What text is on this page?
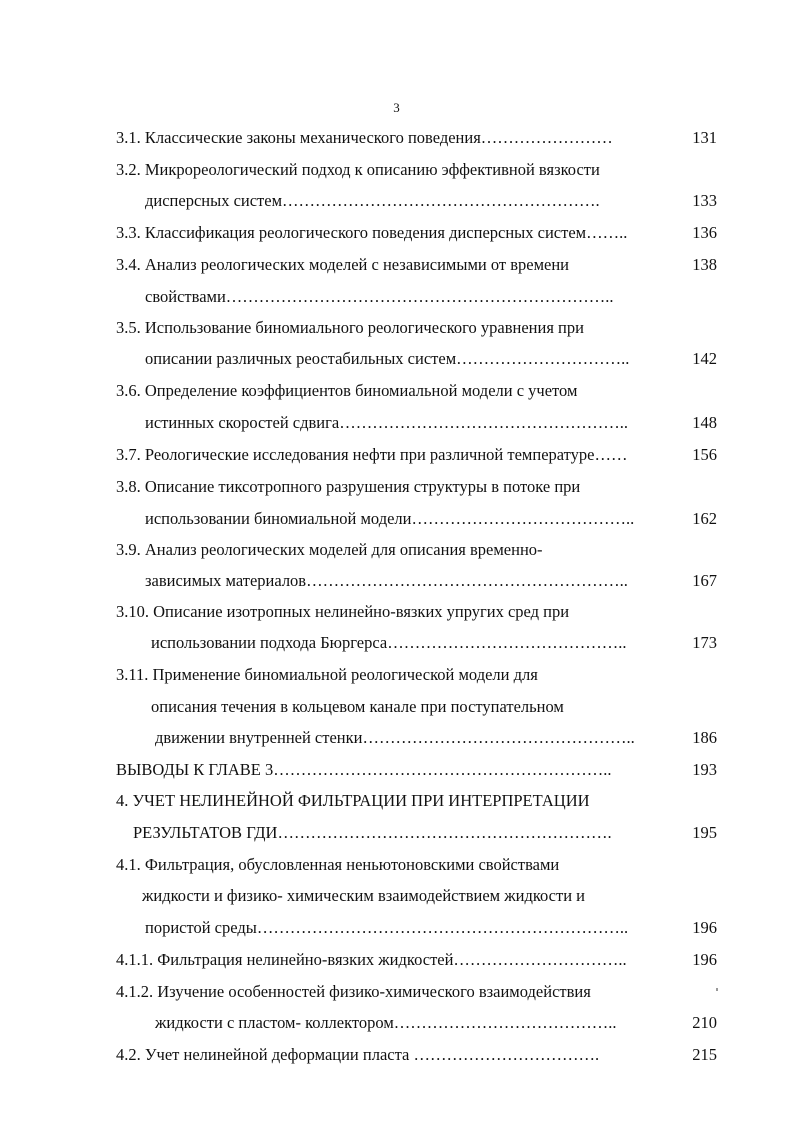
3
3.1. Классические законы механического поведения……………………	131
3.2. Микрореологический подход к описанию эффективной вязкости
дисперсных систем………………………………………………….	133
3.3. Классификация реологического поведения дисперсных систем……..	136
3.4. Анализ реологических моделей с независимыми от времени	138
свойствами……………………………………………………………..
3.5. Использование биномиального реологического уравнения при
описании различных реостабильных систем…………………………..	142
3.6. Определение коэффициентов биномиальной модели с учетом
истинных скоростей сдвига……………………………………………..	148
3.7. Реологические исследования нефти при различной температуре……	156
3.8. Описание тиксотропного разрушения структуры в потоке при
использовании биномиальной модели…………………………………..	162
3.9. Анализ реологических моделей для описания временно-
зависимых материалов…………………………………………………..	167
3.10. Описание изотропных нелинейно-вязких упругих сред при
использовании подхода Бюргерса……………………………………..	173
3.11. Применение биномиальной реологической модели для
описания течения в кольцевом канале при поступательном
движении внутренней стенки…………………………………………..	186
ВЫВОДЫ К ГЛАВЕ 3……………………………………………………..	193
4. УЧЕТ НЕЛИНЕЙНОЙ ФИЛЬТРАЦИИ ПРИ ИНТЕРПРЕТАЦИИ
РЕЗУЛЬТАТОВ ГДИ…………………………………………………….	195
4.1. Фильтрация, обусловленная неньютоновскими свойствами
жидкости и физико- химическим взаимодействием жидкости и
пористой среды…………………………………………………………..	196
4.1.1. Фильтрация нелинейно-вязких жидкостей…………………………..	196
4.1.2. Изучение особенностей физико-химического взаимодействия
жидкости с пластом- коллектором…………………………………..	210
4.2. Учет нелинейной деформации пласта …………………………….	215
